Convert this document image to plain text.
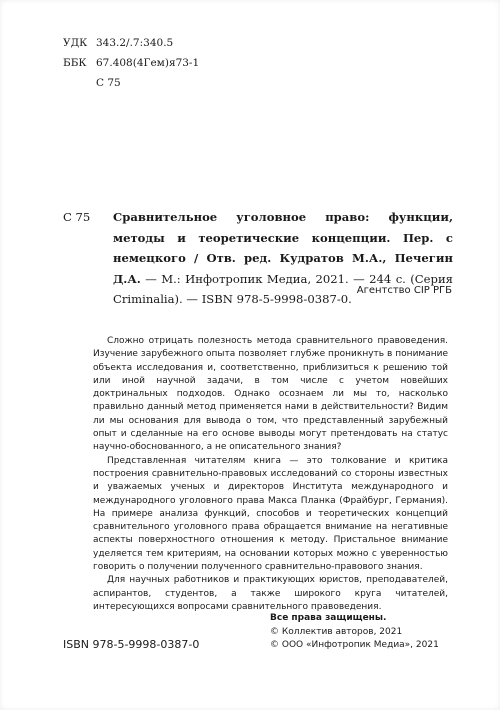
УДК 343.2/.7:340.5
ББК 67.408(4Гем)я73-1
С 75
С 75	Сравнительное уголовное право: функции, методы и теоретические концепции. Пер. с немецкого / Отв. ред. Кудратов М.А., Печегин Д.А. — М.: Инфотропик Медиа, 2021. — 244 с. (Серия Criminalia). — ISBN 978-5-9998-0387-0.
Агентство CIP РГБ

Сложно отрицать полезность метода сравнительного правоведения. Изучение зарубежного опыта позволяет глубже проникнуть в понимание объекта исследования и, соответственно, приблизиться к решению той или иной научной задачи, в том числе с учетом новейших доктринальных подходов. Однако осознаем ли мы то, насколько правильно данный метод применяется нами в действительности? Видим ли мы основания для вывода о том, что представленный зарубежный опыт и сделанные на его основе выводы могут претендовать на статус научно-обоснованного, а не описательного знания?

Представленная читателям книга — это толкование и критика построения сравнительно-правовых исследований со стороны известных и уважаемых ученых и директоров Института международного и международного уголовного права Макса Планка (Фрайбург, Германия). На примере анализа функций, способов и теоретических концепций сравнительного уголовного права обращается внимание на негативные аспекты поверхностного отношения к методу. Пристальное внимание уделяется тем критериям, на основании которых можно с уверенностью говорить о получении полученного сравнительно-правового знания.

Для научных работников и практикующих юристов, преподавателей, аспирантов, студентов, а также широкого круга читателей, интересующихся вопросами сравнительного правоведения.

Все права защищены.
© Коллектив авторов, 2021
© ООО «Инфотропик Медиа», 2021
ISBN 978-5-9998-0387-0
